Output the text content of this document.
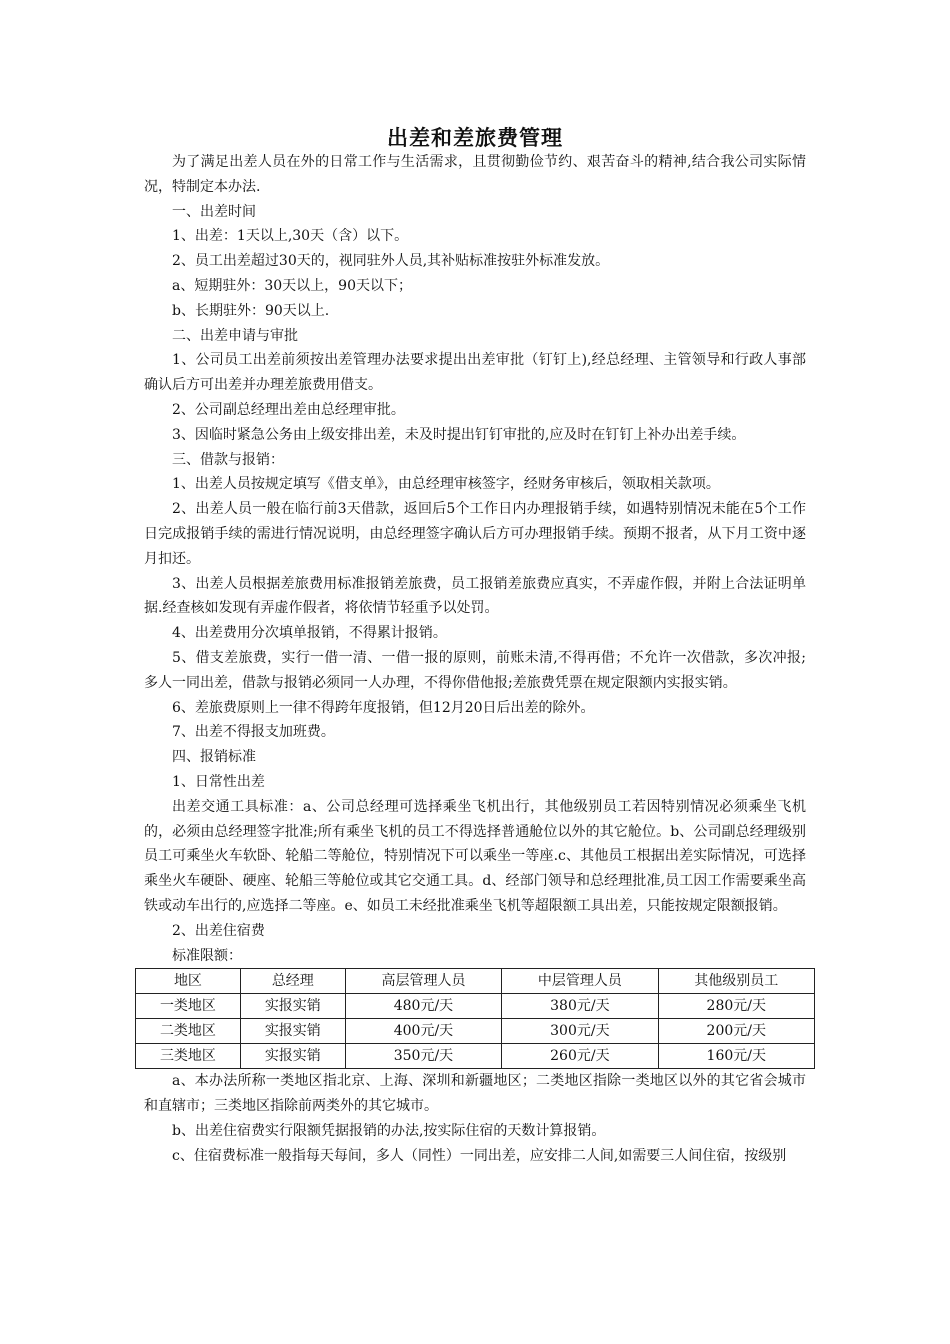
出差和差旅费管理

为了满足出差人员在外的日常工作与生活需求，且贯彻勤俭节约、艰苦奋斗的精神,结合我公司实际情况，特制定本办法.

一、出差时间

1、出差：1天以上,30天（含）以下。

2、员工出差超过30天的，视同驻外人员,其补贴标准按驻外标准发放。

a、短期驻外：30天以上，90天以下；

b、长期驻外：90天以上.

二、出差申请与审批

1、公司员工出差前须按出差管理办法要求提出出差审批（钉钉上),经总经理、主管领导和行政人事部确认后方可出差并办理差旅费用借支。

2、公司副总经理出差由总经理审批。

3、因临时紧急公务由上级安排出差，未及时提出钉钉审批的,应及时在钉钉上补办出差手续。

三、借款与报销：

1、出差人员按规定填写《借支单》，由总经理审核签字，经财务审核后，领取相关款项。

2、出差人员一般在临行前3天借款，返回后5个工作日内办理报销手续，如遇特别情况未能在5个工作日完成报销手续的需进行情况说明，由总经理签字确认后方可办理报销手续。预期不报者，从下月工资中逐月扣还。

3、出差人员根据差旅费用标准报销差旅费，员工报销差旅费应真实，不弄虚作假，并附上合法证明单据.经查核如发现有弄虚作假者，将依情节轻重予以处罚。

4、出差费用分次填单报销，不得累计报销。

5、借支差旅费，实行一借一清、一借一报的原则，前账未清,不得再借；不允许一次借款，多次冲报;多人一同出差，借款与报销必须同一人办理，不得你借他报;差旅费凭票在规定限额内实报实销。

6、差旅费原则上一律不得跨年度报销，但12月20日后出差的除外。

7、出差不得报支加班费。

四、报销标准

1、日常性出差

出差交通工具标准：a、公司总经理可选择乘坐飞机出行，其他级别员工若因特别情况必须乘坐飞机的，必须由总经理签字批准;所有乘坐飞机的员工不得选择普通舱位以外的其它舱位。b、公司副总经理级别员工可乘坐火车软卧、轮船二等舱位，特别情况下可以乘坐一等座.c、其他员工根据出差实际情况，可选择乘坐火车硬卧、硬座、轮船三等舱位或其它交通工具。d、经部门领导和总经理批准,员工因工作需要乘坐高铁或动车出行的,应选择二等座。e、如员工未经批准乘坐飞机等超限额工具出差，只能按规定限额报销。

2、出差住宿费

标准限额：

地区	总经理	高层管理人员	中层管理人员	其他级别员工
一类地区	实报实销	480元/天	380元/天	280元/天
二类地区	实报实销	400元/天	300元/天	200元/天
三类地区	实报实销	350元/天	260元/天	160元/天

a、本办法所称一类地区指北京、上海、深圳和新疆地区；二类地区指除一类地区以外的其它省会城市和直辖市；三类地区指除前两类外的其它城市。

b、出差住宿费实行限额凭据报销的办法,按实际住宿的天数计算报销。

c、住宿费标准一般指每天每间，多人（同性）一同出差，应安排二人间,如需要三人间住宿，按级别
